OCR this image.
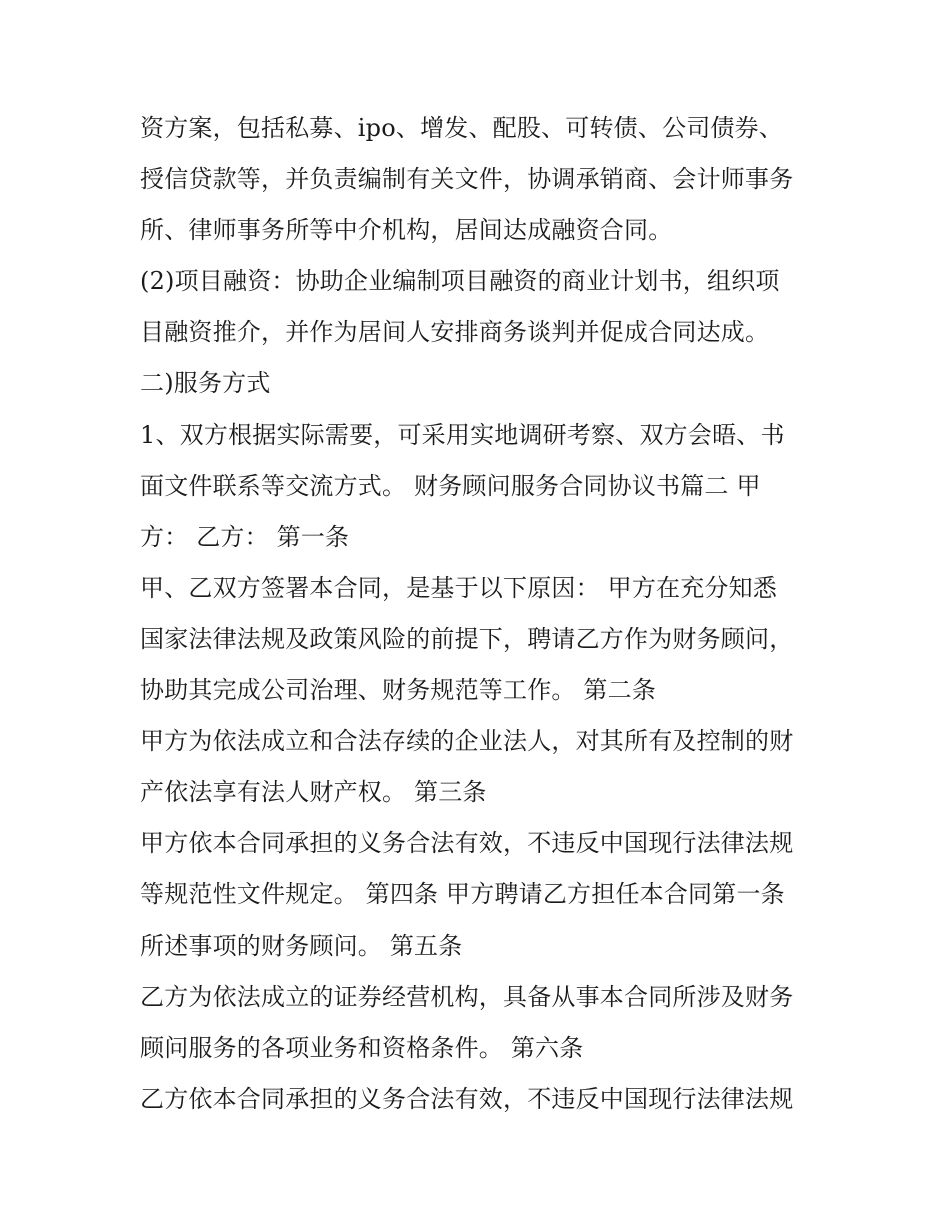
资方案，包括私募、ipo、增发、配股、可转债、公司债券、
授信贷款等，并负责编制有关文件，协调承销商、会计师事务
所、律师事务所等中介机构，居间达成融资合同。
(2)项目融资：协助企业编制项目融资的商业计划书，组织项
目融资推介，并作为居间人安排商务谈判并促成合同达成。
二)服务方式
1、双方根据实际需要，可采用实地调研考察、双方会晤、书
面文件联系等交流方式。 财务顾问服务合同协议书篇二 甲
方： 乙方： 第一条
甲、乙双方签署本合同，是基于以下原因： 甲方在充分知悉
国家法律法规及政策风险的前提下，聘请乙方作为财务顾问，
协助其完成公司治理、财务规范等工作。 第二条
甲方为依法成立和合法存续的企业法人，对其所有及控制的财
产依法享有法人财产权。 第三条
甲方依本合同承担的义务合法有效，不违反中国现行法律法规
等规范性文件规定。 第四条 甲方聘请乙方担任本合同第一条
所述事项的财务顾问。 第五条
乙方为依法成立的证券经营机构，具备从事本合同所涉及财务
顾问服务的各项业务和资格条件。 第六条
乙方依本合同承担的义务合法有效，不违反中国现行法律法规
